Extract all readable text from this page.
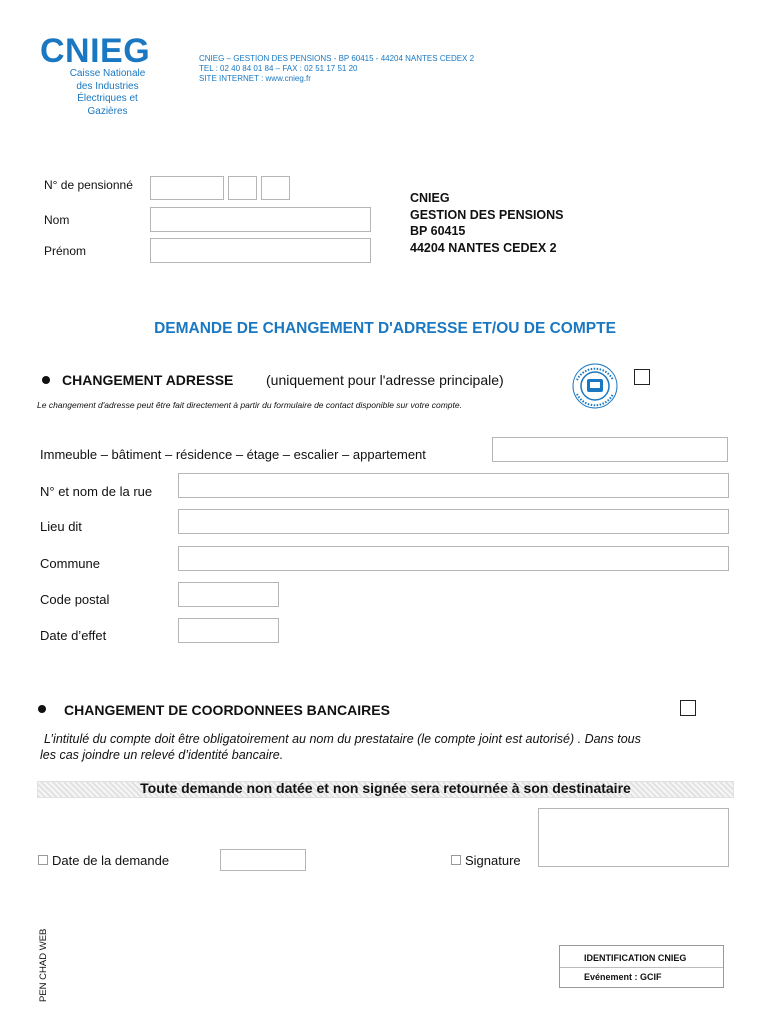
CNIEG
Caisse Nationale
des Industries
Électriques et Gazières
CNIEG – GESTION DES PENSIONS - BP 60415 - 44204 NANTES CEDEX 2
TEL : 02 40 84 01 84 – FAX : 02 51 17 51 20
SITE INTERNET : www.cnieg.fr
N° de pensionné
Nom
Prénom
CNIEG
GESTION DES PENSIONS
BP 60415
44204 NANTES CEDEX 2
DEMANDE DE CHANGEMENT D'ADRESSE ET/OU DE COMPTE
CHANGEMENT ADRESSE (uniquement pour l'adresse principale)
Le changement d'adresse peut être fait directement à partir du formulaire de contact disponible sur votre compte.
Immeuble – bâtiment – résidence – étage – escalier – appartement
N° et nom de la rue
Lieu dit
Commune
Code postal
Date d’effet
CHANGEMENT DE COORDONNEES BANCAIRES
L’intitulé du compte doit être obligatoirement au nom du prestataire (le compte joint est autorisé) . Dans tous
les cas joindre un relevé d’identité bancaire.
Toute demande non datée et non signée sera retournée à son destinataire
Date de la demande	Signature
PEN CHAD WEB	IDENTIFICATION CNIEG
Evénement : GCIF
